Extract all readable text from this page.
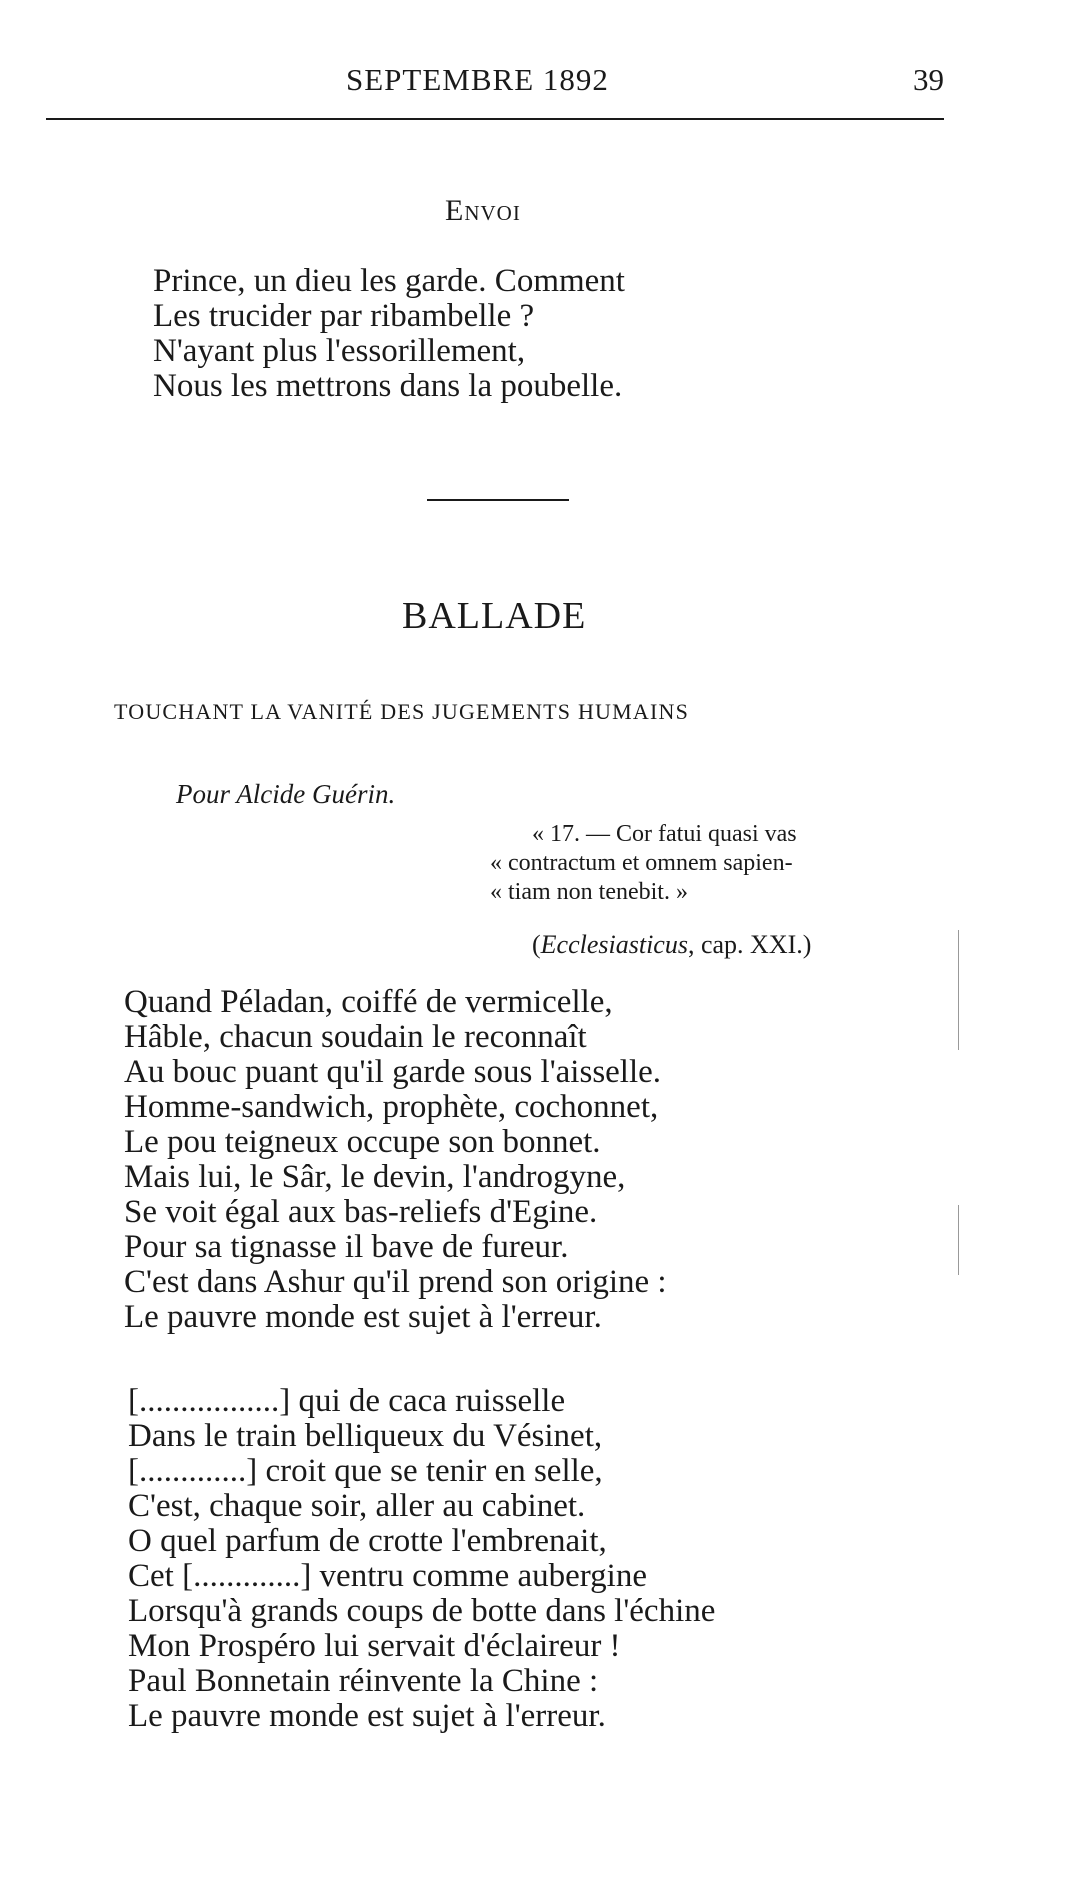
SEPTEMBRE 1892	39
Envoi
Prince, un dieu les garde. Comment
Les trucider par ribambelle ?
N'ayant plus l'essorillement,
Nous les mettrons dans la poubelle.
BALLADE
TOUCHANT LA VANITÉ DES JUGEMENTS HUMAINS
Pour Alcide Guérin.
« 17. — Cor fatui quasi vas
« contractum et omnem sapien-
« tiam non tenebit. »
(Ecclesiasticus, cap. XXI.)
Quand Péladan, coiffé de vermicelle,
Hâble, chacun soudain le reconnaît
Au bouc puant qu'il garde sous l'aisselle.
Homme-sandwich, prophète, cochonnet,
Le pou teigneux occupe son bonnet.
Mais lui, le Sâr, le devin, l'androgyne,
Se voit égal aux bas-reliefs d'Egine.
Pour sa tignasse il bave de fureur.
C'est dans Ashur qu'il prend son origine :
Le pauvre monde est sujet à l'erreur.
[.................] qui de caca ruisselle
Dans le train belliqueux du Vésinet,
[.............] croit que se tenir en selle,
C'est, chaque soir, aller au cabinet.
O quel parfum de crotte l'embrenait,
Cet [.............] ventru comme aubergine
Lorsqu'à grands coups de botte dans l'échine
Mon Prospéro lui servait d'éclaireur !
Paul Bonnetain réinvente la Chine :
Le pauvre monde est sujet à l'erreur.
